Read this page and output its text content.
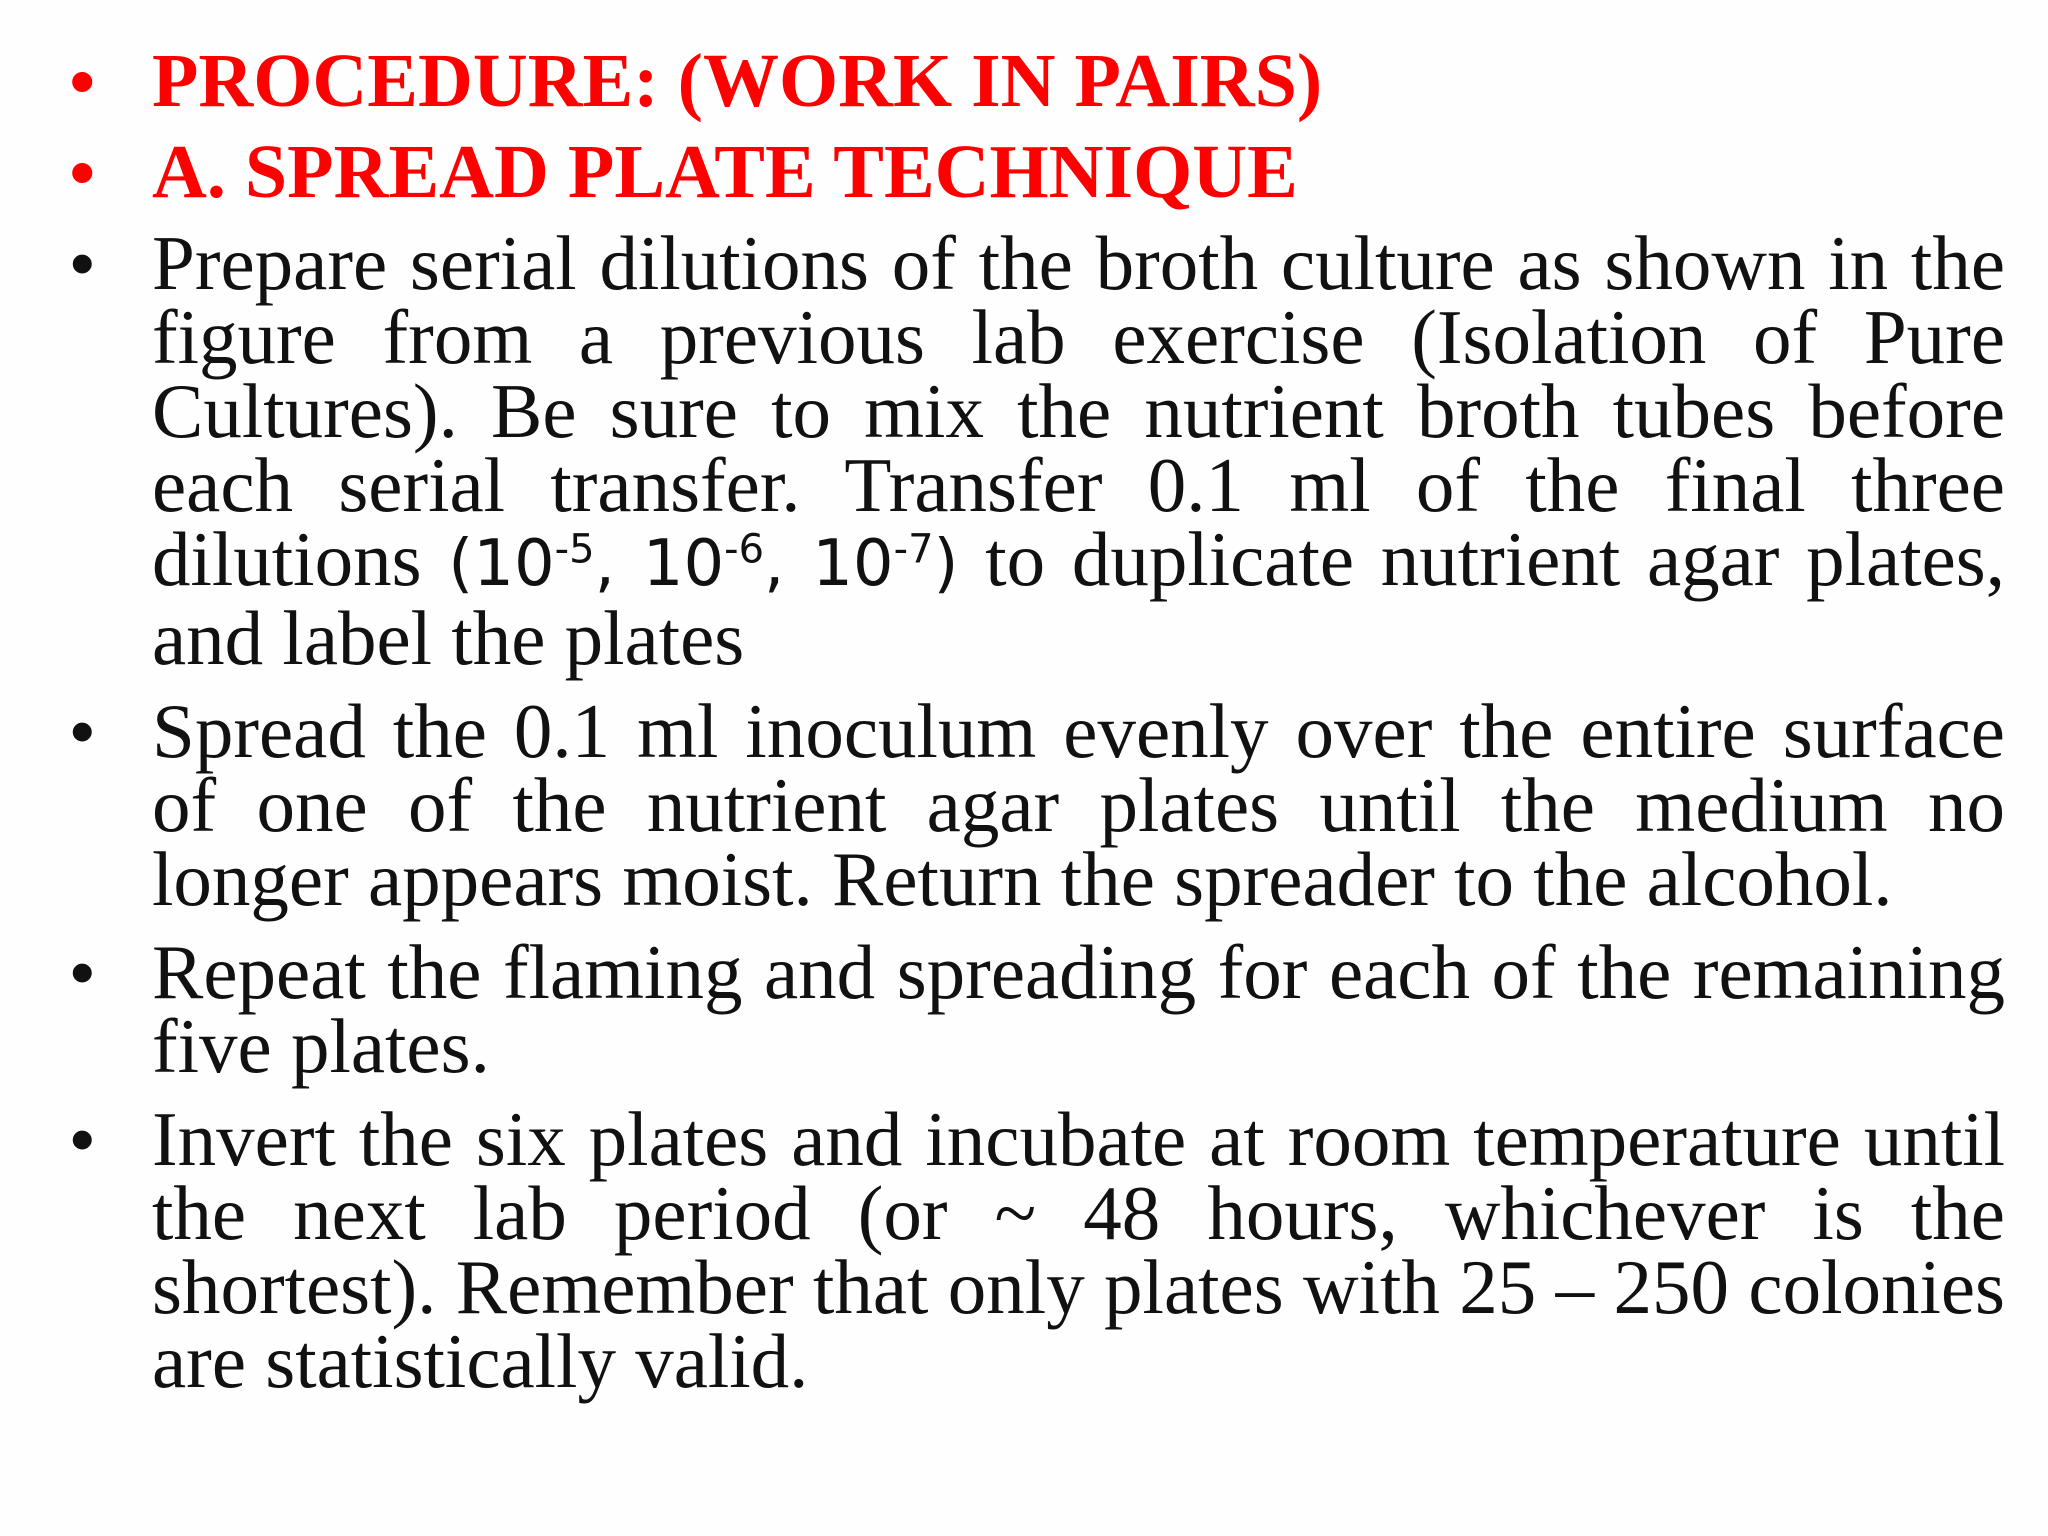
• PROCEDURE: (WORK IN PAIRS)
• A. SPREAD PLATE TECHNIQUE
• Prepare serial dilutions of the broth culture as shown in the figure from a previous lab exercise (Isolation of Pure Cultures). Be sure to mix the nutrient broth tubes before each serial transfer. Transfer 0.1 ml of the final three dilutions ($10^{-5}$, $10^{-6}$, $10^{-7}$) to duplicate nutrient agar plates, and label the plates
• Spread the 0.1 ml inoculum evenly over the entire surface of one of the nutrient agar plates until the medium no longer appears moist. Return the spreader to the alcohol.
• Repeat the flaming and spreading for each of the remaining five plates.
• Invert the six plates and incubate at room temperature until the next lab period (or ~ 48 hours, whichever is the shortest). Remember that only plates with 25 – 250 colonies are statistically valid.
